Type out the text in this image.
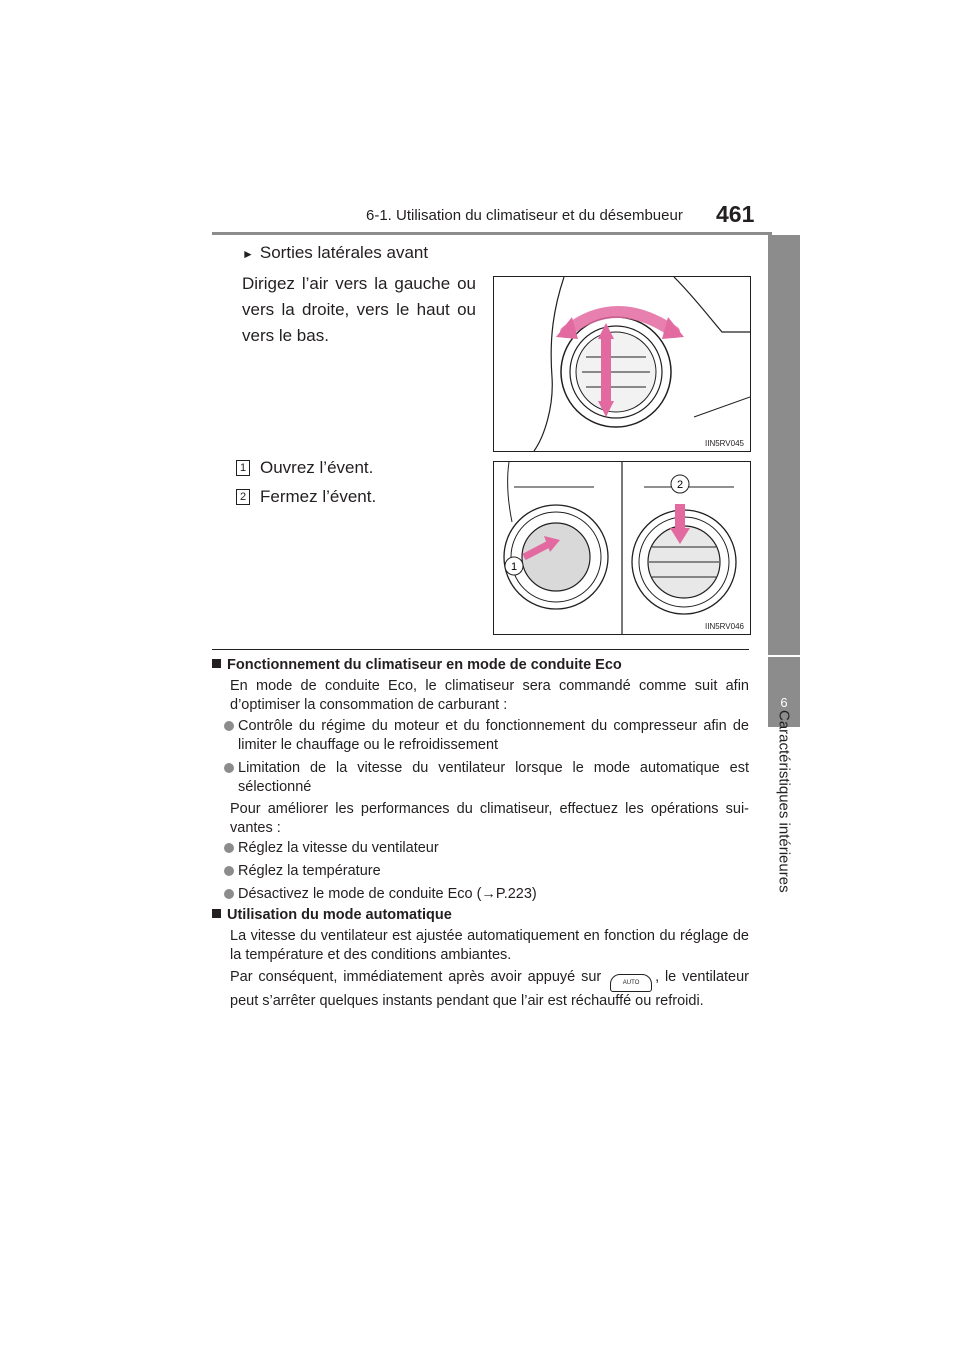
6-1. Utilisation du climatiseur et du désembueur 461
6
Caractéristiques intérieures
► Sorties latérales avant
Dirigez l’air vers la gauche ou vers la droite, vers le haut ou vers le bas.
IIN5RV045
1 Ouvrez l’évent.
2 Fermez l’évent.
1
2
IIN5RV046
Fonctionnement du climatiseur en mode de conduite Eco
En mode de conduite Eco, le climatiseur sera commandé comme suit afin d’optimiser la consommation de carburant :
Contrôle du régime du moteur et du fonctionnement du compresseur afin de limiter le chauffage ou le refroidissement
Limitation de la vitesse du ventilateur lorsque le mode automatique est sélectionné
Pour améliorer les performances du climatiseur, effectuez les opérations sui-vantes :
Réglez la vitesse du ventilateur
Réglez la température
Désactivez le mode de conduite Eco (→P.223)
Utilisation du mode automatique
La vitesse du ventilateur est ajustée automatiquement en fonction du réglage de la température et des conditions ambiantes.
Par conséquent, immédiatement après avoir appuyé sur	AUTO , le ventilateur peut s’arrêter quelques instants pendant que l’air est réchauffé ou refroidi.
